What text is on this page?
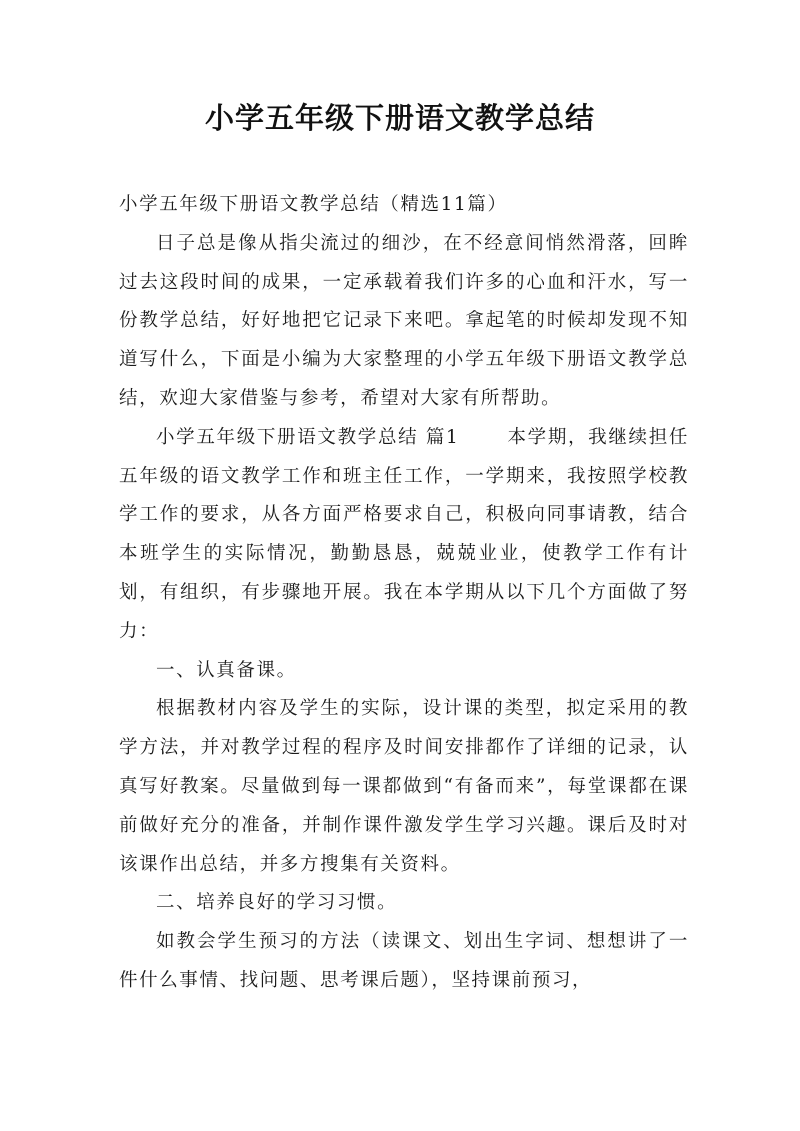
小学五年级下册语文教学总结

小学五年级下册语文教学总结（精选11篇）

日子总是像从指尖流过的细沙，在不经意间悄然滑落，回眸过去这段时间的成果，一定承载着我们许多的心血和汗水，写一份教学总结，好好地把它记录下来吧。拿起笔的时候却发现不知道写什么，下面是小编为大家整理的小学五年级下册语文教学总结，欢迎大家借鉴与参考，希望对大家有所帮助。

小学五年级下册语文教学总结 篇1	本学期，我继续担任五年级的语文教学工作和班主任工作，一学期来，我按照学校教学工作的要求，从各方面严格要求自己，积极向同事请教，结合本班学生的实际情况，勤勤恳恳，兢兢业业，使教学工作有计划，有组织，有步骤地开展。我在本学期从以下几个方面做了努力：

一、认真备课。

根据教材内容及学生的实际，设计课的类型，拟定采用的教学方法，并对教学过程的程序及时间安排都作了详细的记录，认真写好教案。尽量做到每一课都做到“有备而来”，每堂课都在课前做好充分的准备，并制作课件激发学生学习兴趣。课后及时对该课作出总结，并多方搜集有关资料。

二、培养良好的学习习惯。

如教会学生预习的方法（读课文、划出生字词、想想讲了一件什么事情、找问题、思考课后题），坚持课前预习，
